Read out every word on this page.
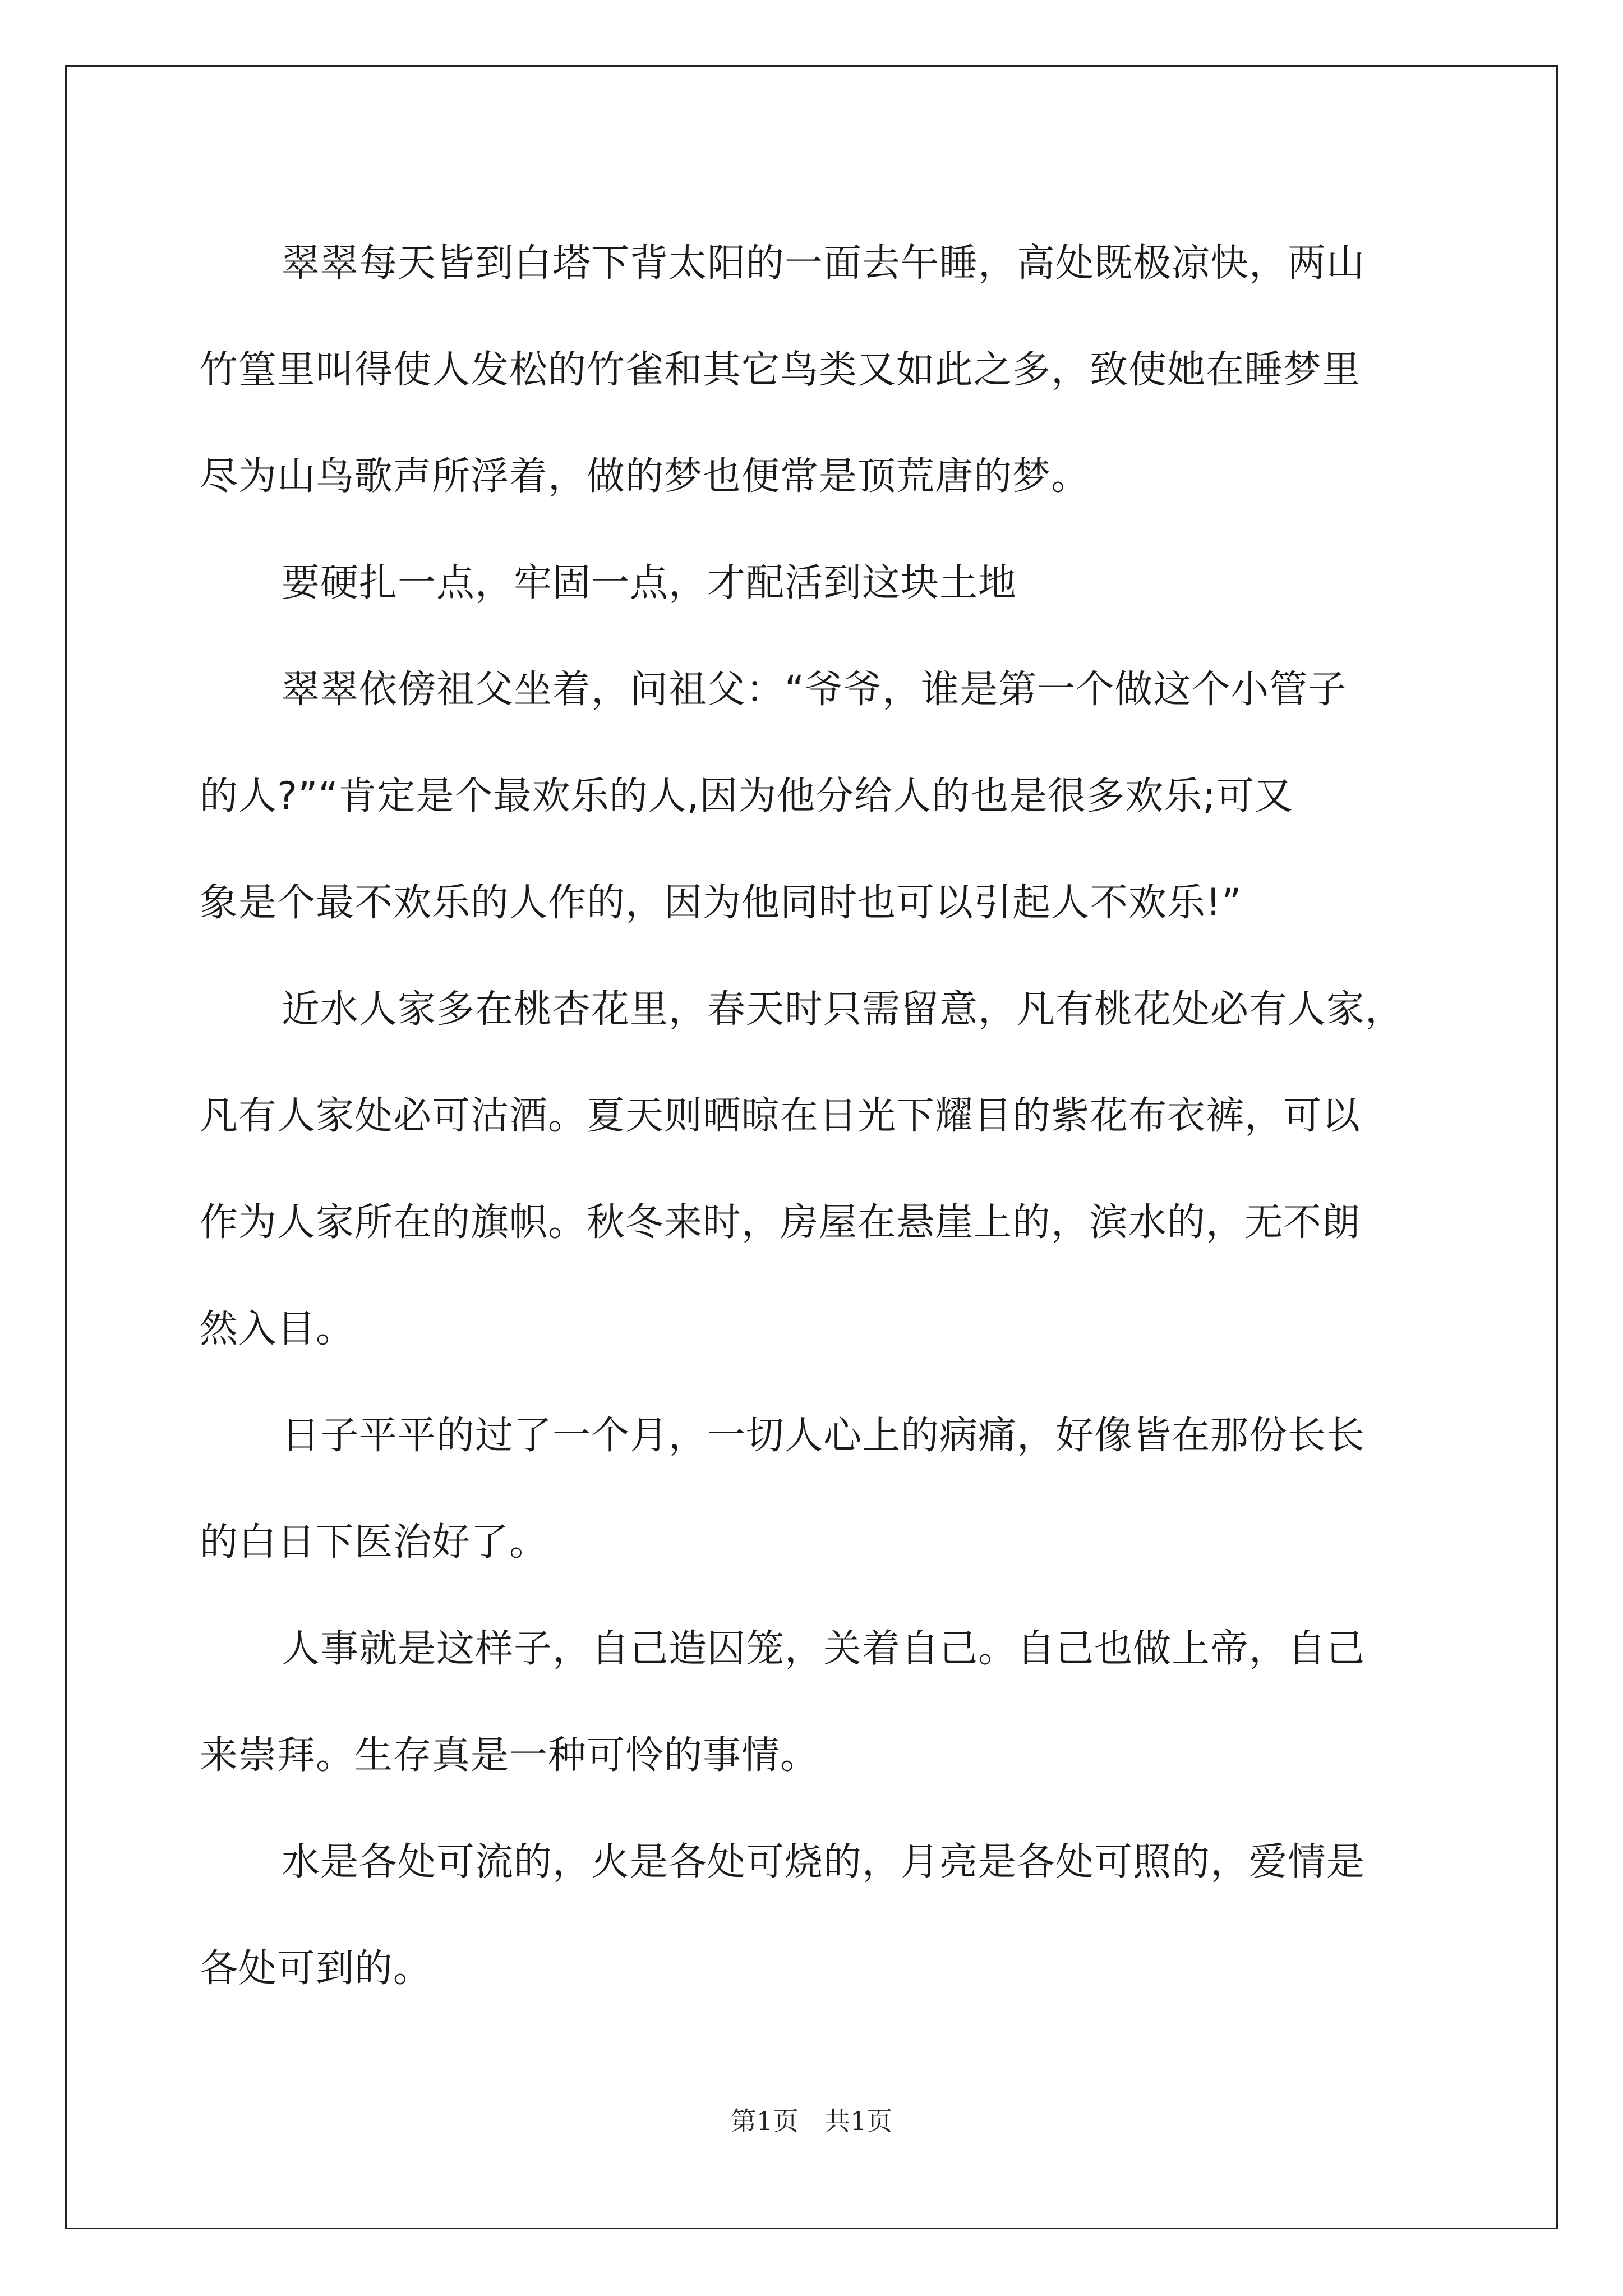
翠翠每天皆到白塔下背太阳的一面去午睡，高处既极凉快，两山
竹篁里叫得使人发松的竹雀和其它鸟类又如此之多，致使她在睡梦里
尽为山鸟歌声所浮着，做的梦也便常是顶荒唐的梦。
要硬扎一点，牢固一点，才配活到这块土地
翠翠依傍祖父坐着，问祖父：“爷爷，谁是第一个做这个小管子
的人?”“肯定是个最欢乐的人,因为他分给人的也是很多欢乐;可又
象是个最不欢乐的人作的，因为他同时也可以引起人不欢乐!”
近水人家多在桃杏花里，春天时只需留意，凡有桃花处必有人家，
凡有人家处必可沽酒。夏天则晒晾在日光下耀目的紫花布衣裤，可以
作为人家所在的旗帜。秋冬来时，房屋在悬崖上的，滨水的，无不朗
然入目。
日子平平的过了一个月，一切人心上的病痛，好像皆在那份长长
的白日下医治好了。
人事就是这样子，自己造囚笼，关着自己。自己也做上帝，自己
来崇拜。生存真是一种可怜的事情。
水是各处可流的，火是各处可烧的，月亮是各处可照的，爱情是
各处可到的。
第1页 共1页
